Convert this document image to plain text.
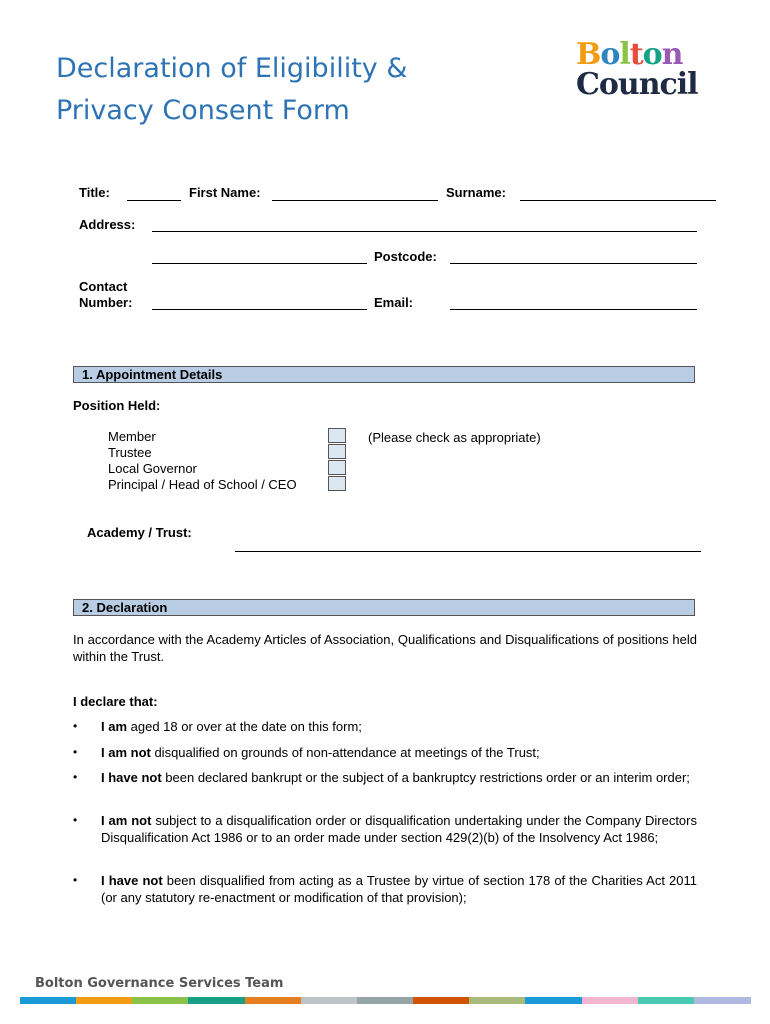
Declaration of Eligibility &
Privacy Consent Form
Bolton
Council
Title:	First Name:	Surname:
Address:
Postcode:
Contact
Number:	Email:
1. Appointment Details
Position Held:
Member
Trustee
Local Governor
Principal / Head of School / CEO
(Please check as appropriate)
Academy / Trust:
2. Declaration
In accordance with the Academy Articles of Association, Qualifications and Disqualifications of positions held within the Trust.
I declare that:
• I am aged 18 or over at the date on this form;
• I am not disqualified on grounds of non-attendance at meetings of the Trust;
• I have not been declared bankrupt or the subject of a bankruptcy restrictions order or an interim order;
• I am not subject to a disqualification order or disqualification undertaking under the Company Directors Disqualification Act 1986 or to an order made under section 429(2)(b) of the Insolvency Act 1986;
• I have not been disqualified from acting as a Trustee by virtue of section 178 of the Charities Act 2011 (or any statutory re-enactment or modification of that provision);
Bolton Governance Services Team
